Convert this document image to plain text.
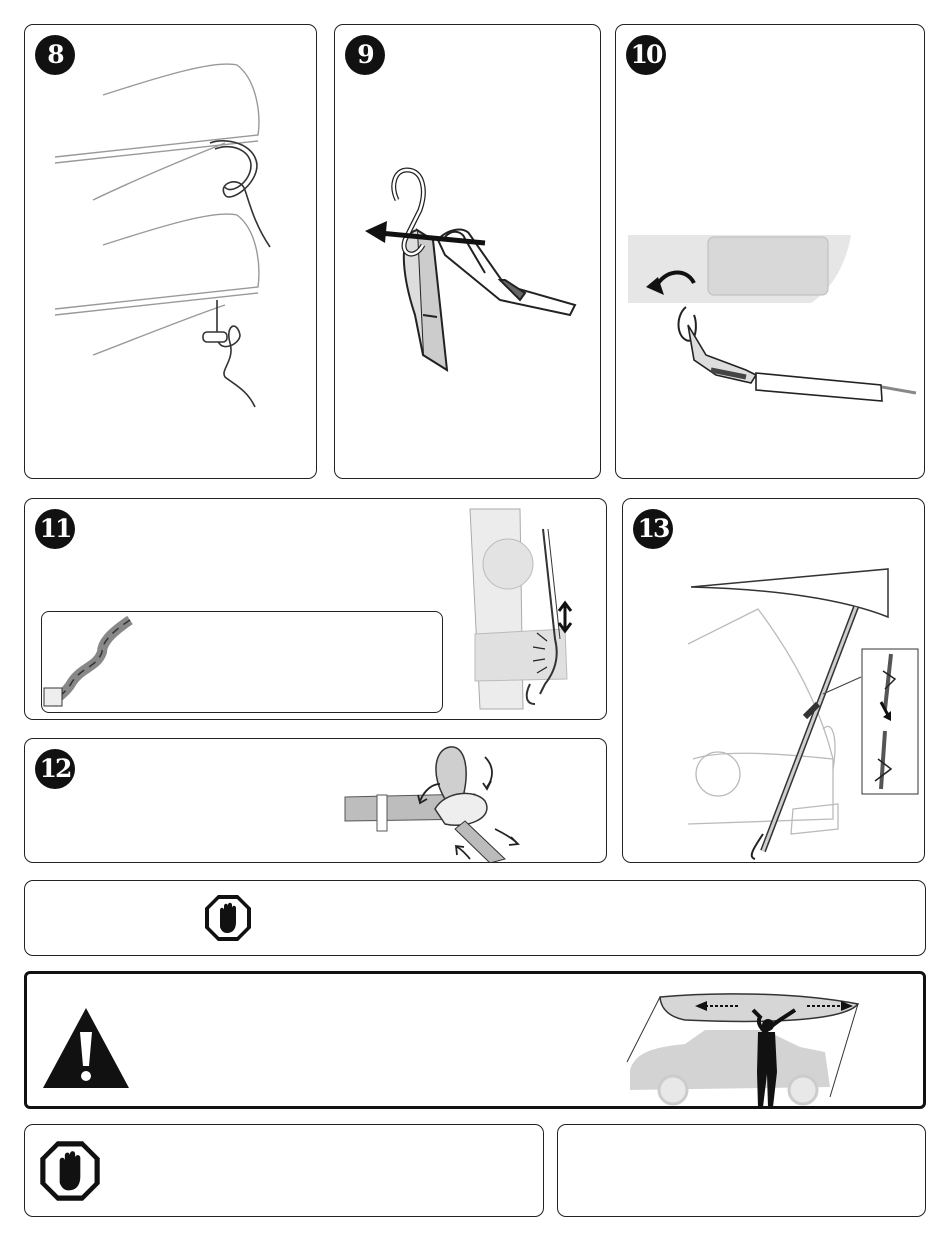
8	9	10
11
12
13
